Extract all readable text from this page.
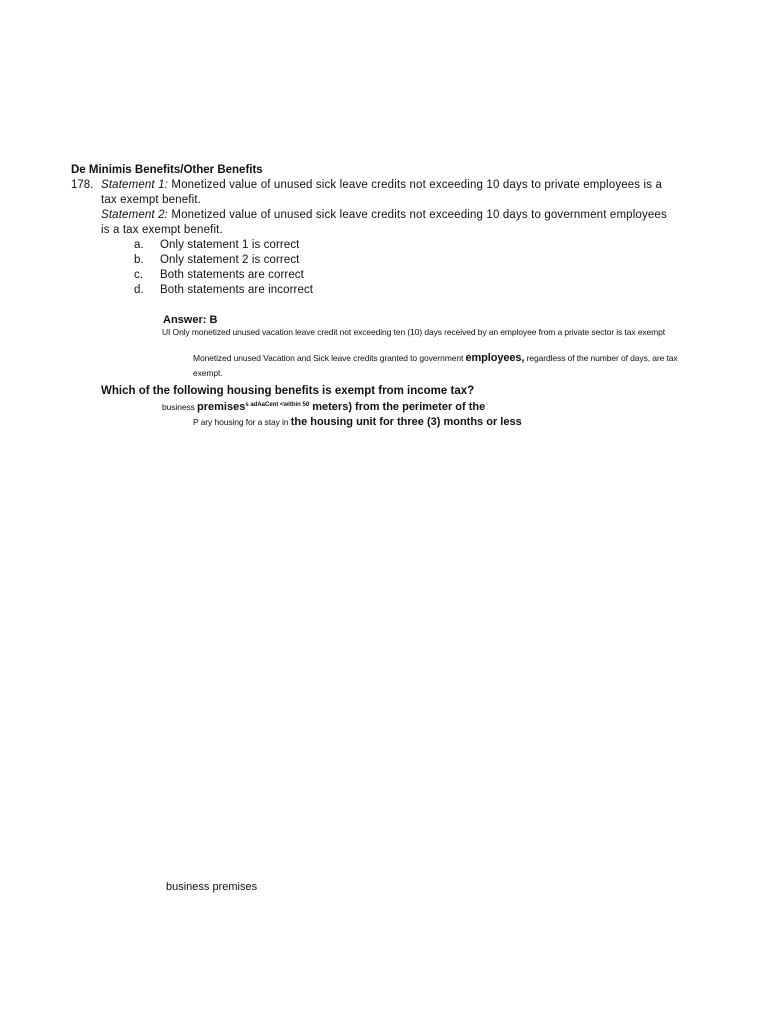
De Minimis Benefits/Other Benefits
178. Statement 1: Monetized value of unused sick leave credits not exceeding 10 days to private employees is a
tax exempt benefit.
Statement 2: Monetized value of unused sick leave credits not exceeding 10 days to government employees
is a tax exempt benefit.
a. Only statement 1 is correct
b. Only statement 2 is correct
c. Both statements are correct
d. Both statements are incorrect
Answer: B
UI Only monetized unused vacation leave credit not exceeding ten (10) days received by an employee from a private sector is tax exempt
Monetized unused Vacation and Sick leave credits granted to government employees, regardless of the number of days, are tax
exempt.
Which of the following housing benefits is exempt from income tax?
business premises$^{s adAaCent <within 50}$ meters) from the perimeter of the
P ary housing for a stay in the housing unit for three (3) months or less
business premises
